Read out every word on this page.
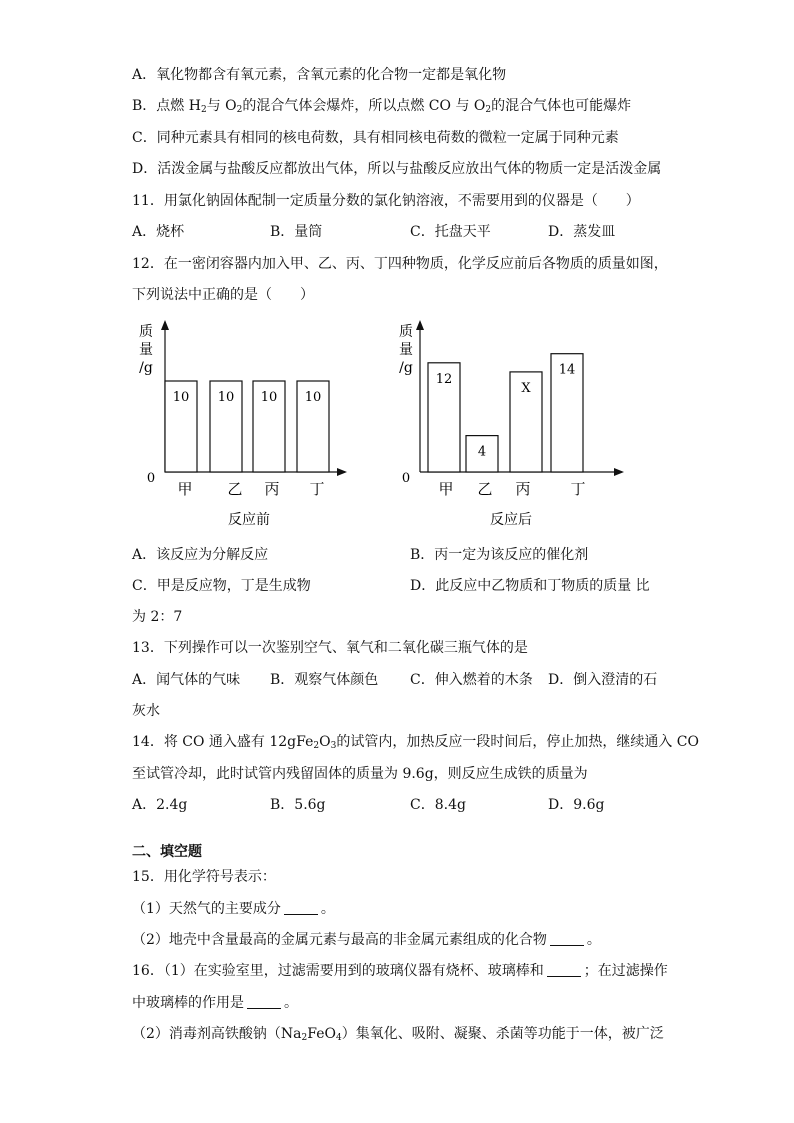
A．氧化物都含有氧元素，含氧元素的化合物一定都是氧化物
B．点燃 $H_2$与 $O_2$的混合气体会爆炸，所以点燃 CO 与 $O_2$的混合气体也可能爆炸
C．同种元素具有相同的核电荷数，具有相同核电荷数的微粒一定属于同种元素
D．活泼金属与盐酸反应都放出气体，所以与盐酸反应放出气体的物质一定是活泼金属
11．用氯化钠固体配制一定质量分数的氯化钠溶液，不需要用到的仪器是（　　）
A．烧杯	B．量筒	C．托盘天平	D．蒸发皿
12．在一密闭容器内加入甲、乙、丙、丁四种物质，化学反应前后各物质的质量如图，
下列说法中正确的是（　　）
质
量
/g
0
10 10 10 10
甲 乙 丙 丁
反应前
质
量
/g
0
12
4
X
14
甲 乙 丙	丁
反应后
A．该反应为分解反应	B．丙一定为该反应的催化剂
C．甲是反应物，丁是生成物	D．此反应中乙物质和丁物质的质量 比
为 2：7
13．下列操作可以一次鉴别空气、氧气和二氧化碳三瓶气体的是
A．闻气体的气味 B．观察气体颜色 C．伸入燃着的木条 D．倒入澄清的石
灰水
14．将 CO 通入盛有 $12gFe_2O_3$的试管内，加热反应一段时间后，停止加热，继续通入 CO
至试管冷却，此时试管内残留固体的质量为 9.6g，则反应生成铁的质量为
A．2.4g	B．5.6g	C．8.4g	D．9.6g
二、填空题
15．用化学符号表示：
（1）天然气的主要成分	。
（2）地壳中含量最高的金属元素与最高的非金属元素组成的化合物	。
16．（1）在实验室里，过滤需要用到的玻璃仪器有烧杯、玻璃棒和	；在过滤操作
中玻璃棒的作用是	。
（2）消毒剂高铁酸钠$(Na_2FeO_4)$集氧化、吸附、凝聚、杀菌等功能于一体，被广泛
